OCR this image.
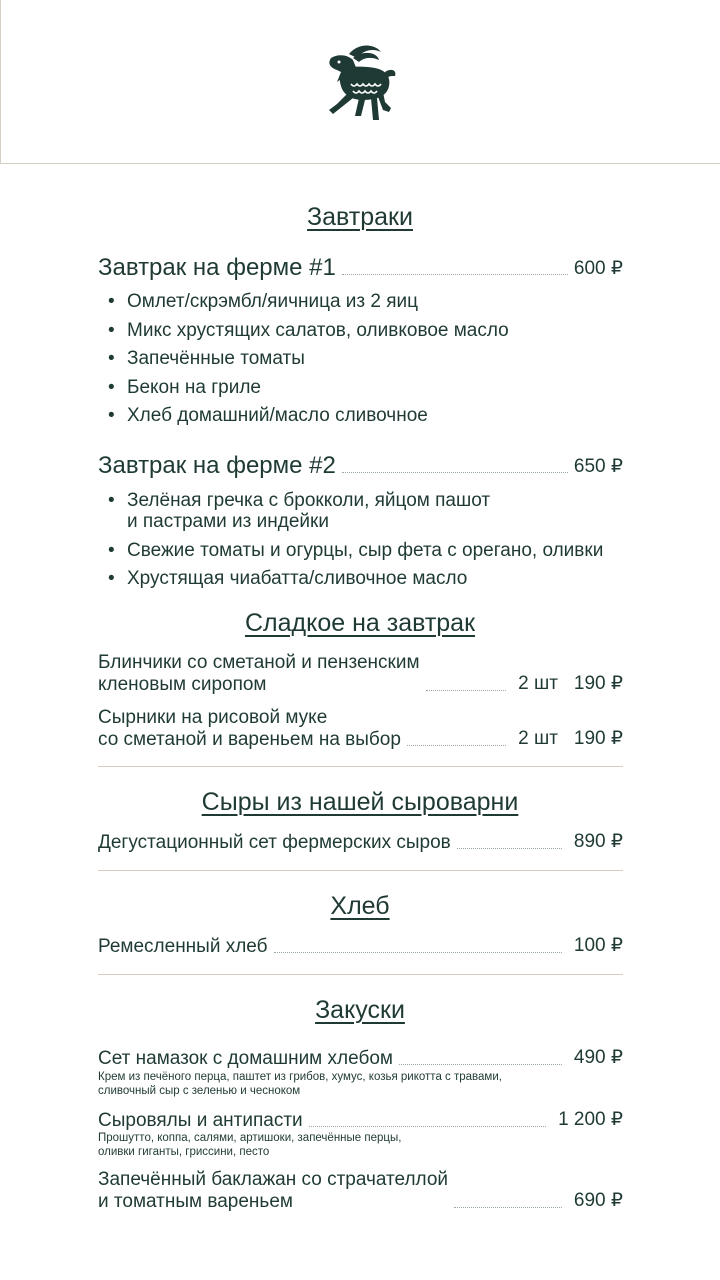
Завтраки
Завтрак на ферме #1	600 ₽
• Омлет/скрэмбл/яичница из 2 яиц
• Микс хрустящих салатов, оливковое масло
• Запечённые томаты
• Бекон на гриле
• Хлеб домашний/масло сливочное
Завтрак на ферме #2	650 ₽
• Зелёная гречка с брокколи, яйцом пашот
и пастрами из индейки
• Свежие томаты и огурцы, сыр фета с орегано, оливки
• Хрустящая чиабатта/сливочное масло
Сладкое на завтрак
Блинчики со сметаной и пензенским
кленовым сиропом	2 шт 190 ₽
Сырники на рисовой муке
со сметаной и вареньем на выбор	2 шт 190 ₽
Сыры из нашей сыроварни
Дегустационный сет фермерских сыров	890 ₽
Хлеб
Ремесленный хлеб	100 ₽
Закуски
Сет намазок с домашним хлебом	490 ₽
Крем из печёного перца, паштет из грибов, хумус, козья рикотта с травами,
сливочный сыр с зеленью и чесноком
Сыровялы и антипасти	1 200 ₽
Прошутто, коппа, салями, артишоки, запечённые перцы,
оливки гиганты, гриссини, песто
Запечённый баклажан со страчателлой
и томатным вареньем	690 ₽
